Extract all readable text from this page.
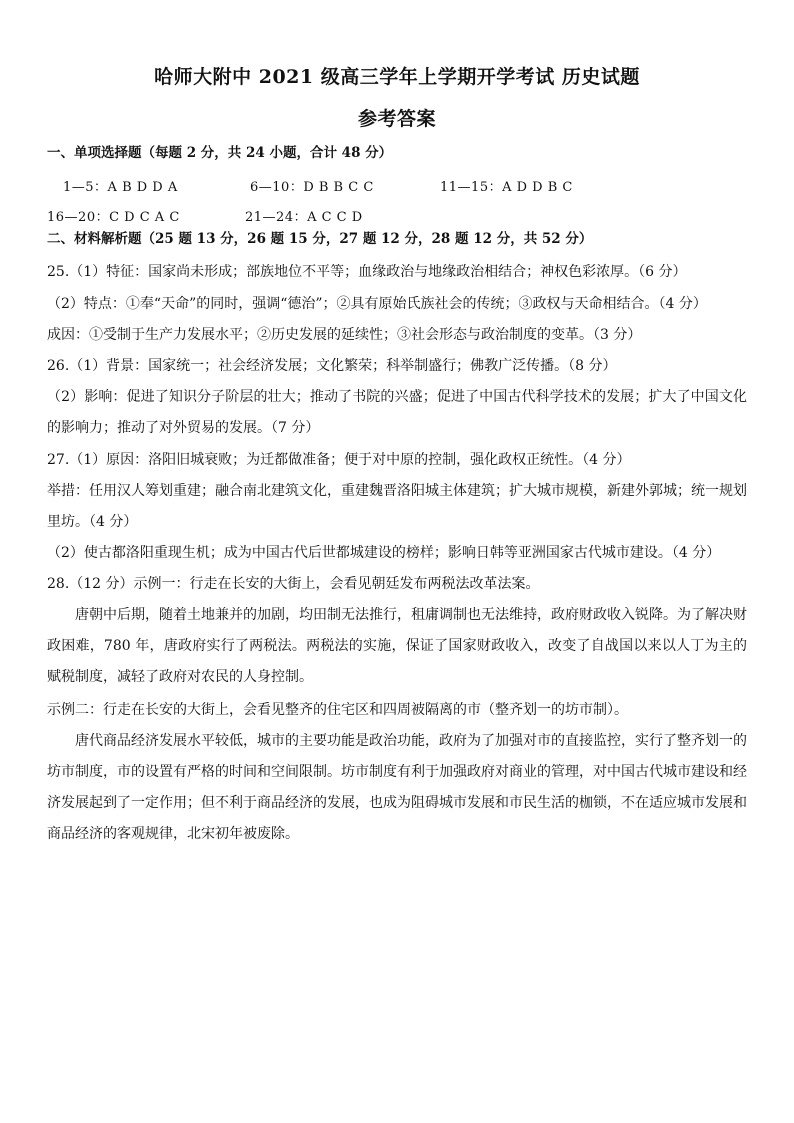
哈师大附中 2021 级高三学年上学期开学考试 历史试题
参考答案
一、单项选择题（每题 2 分，共 24 小题，合计 48 分）
1—5：A B D D A	6—10：D B B C C	11—15：A D D B C
16—20：C D C A C	21—24：A C C D
二、材料解析题（25 题 13 分，26 题 15 分，27 题 12 分，28 题 12 分，共 52 分）
25.（1）特征：国家尚未形成；部族地位不平等；血缘政治与地缘政治相结合；神权色彩浓厚。（6 分）
（2）特点：①奉“天命”的同时，强调“德治”；②具有原始氏族社会的传统；③政权与天命相结合。（4 分）
成因：①受制于生产力发展水平；②历史发展的延续性；③社会形态与政治制度的变革。（3 分）
26.（1）背景：国家统一；社会经济发展；文化繁荣；科举制盛行；佛教广泛传播。（8 分）
（2）影响：促进了知识分子阶层的壮大；推动了书院的兴盛；促进了中国古代科学技术的发展；扩大了中国文化的影响力；推动了对外贸易的发展。（7 分）
27.（1）原因：洛阳旧城衰败；为迁都做准备；便于对中原的控制，强化政权正统性。（4 分）
举措：任用汉人筹划重建；融合南北建筑文化，重建魏晋洛阳城主体建筑；扩大城市规模，新建外郭城；统一规划里坊。（4 分）
（2）使古都洛阳重现生机；成为中国古代后世都城建设的榜样；影响日韩等亚洲国家古代城市建设。（4 分）
28.（12 分）示例一：行走在长安的大街上，会看见朝廷发布两税法改革法案。
唐朝中后期，随着土地兼并的加剧，均田制无法推行，租庸调制也无法维持，政府财政收入锐降。为了解决财政困难，780 年，唐政府实行了两税法。两税法的实施，保证了国家财政收入，改变了自战国以来以人丁为主的赋税制度，减轻了政府对农民的人身控制。
示例二：行走在长安的大街上，会看见整齐的住宅区和四周被隔离的市（整齐划一的坊市制）。
唐代商品经济发展水平较低，城市的主要功能是政治功能，政府为了加强对市的直接监控，实行了整齐划一的坊市制度，市的设置有严格的时间和空间限制。坊市制度有利于加强政府对商业的管理，对中国古代城市建设和经济发展起到了一定作用；但不利于商品经济的发展，也成为阻碍城市发展和市民生活的枷锁，不在适应城市发展和商品经济的客观规律，北宋初年被废除。
